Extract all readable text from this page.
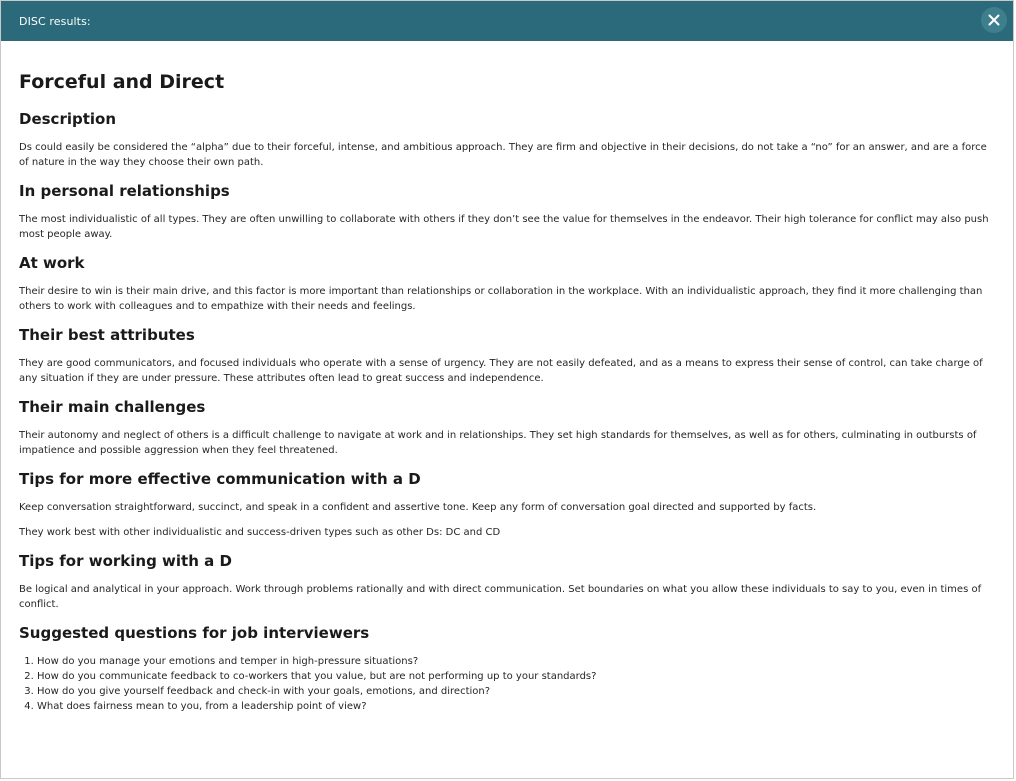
DISC results:
Forceful and Direct
Description

Ds could easily be considered the “alpha” due to their forceful, intense, and ambitious approach. They are firm and objective in their decisions, do not take a “no” for an answer, and are a force of nature in the way they choose their own path.

In personal relationships

The most individualistic of all types. They are often unwilling to collaborate with others if they don’t see the value for themselves in the endeavor. Their high tolerance for conflict may also push most people away.

At work

Their desire to win is their main drive, and this factor is more important than relationships or collaboration in the workplace. With an individualistic approach, they find it more challenging than others to work with colleagues and to empathize with their needs and feelings.

Their best attributes

They are good communicators, and focused individuals who operate with a sense of urgency. They are not easily defeated, and as a means to express their sense of control, can take charge of any situation if they are under pressure. These attributes often lead to great success and independence.

Their main challenges

Their autonomy and neglect of others is a difficult challenge to navigate at work and in relationships. They set high standards for themselves, as well as for others, culminating in outbursts of impatience and possible aggression when they feel threatened.

Tips for more effective communication with a D

Keep conversation straightforward, succinct, and speak in a confident and assertive tone. Keep any form of conversation goal directed and supported by facts.

They work best with other individualistic and success-driven types such as other Ds: DC and CD

Tips for working with a D

Be logical and analytical in your approach. Work through problems rationally and with direct communication. Set boundaries on what you allow these individuals to say to you, even in times of conflict.

Suggested questions for job interviewers
1. How do you manage your emotions and temper in high-pressure situations?
2. How do you communicate feedback to co-workers that you value, but are not performing up to your standards?
3. How do you give yourself feedback and check-in with your goals, emotions, and direction?
4. What does fairness mean to you, from a leadership point of view?
